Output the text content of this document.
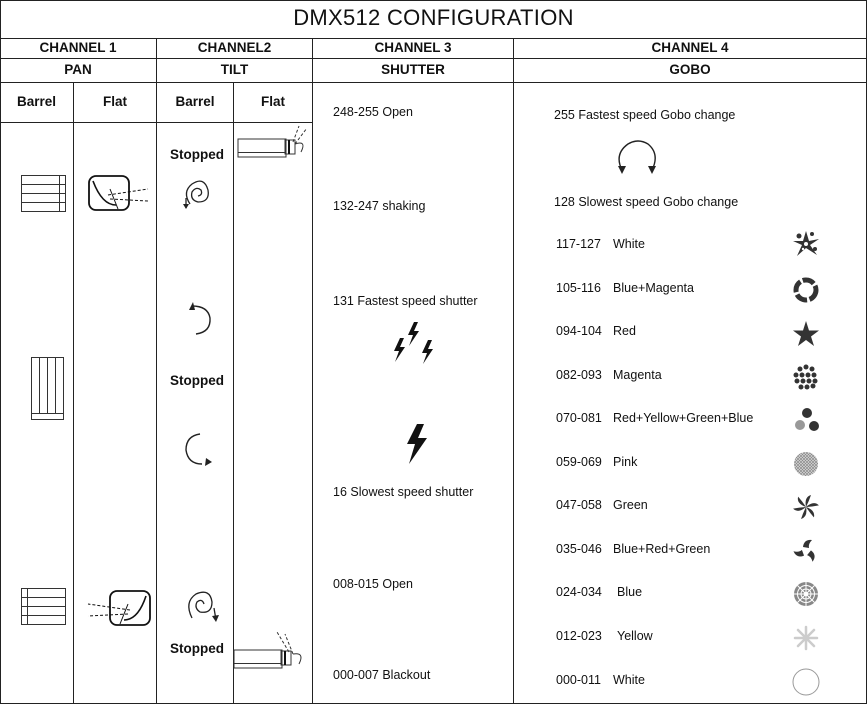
DMX512 CONFIGURATION
CHANNEL 1	CHANNEL2	CHANNEL 3	CHANNEL 4
PAN	TILT	SHUTTER	GOBO
Barrel	Flat	Barrel	Flat
Stopped
Stopped
Stopped
248-255 Open
132-247 shaking
131 Fastest speed shutter
16 Slowest speed shutter
008-015 Open
000-007 Blackout
255 Fastest speed Gobo change
128 Slowest speed Gobo change
117-127 White
105-116 Blue+Magenta
094-104 Red
082-093 Magenta
070-081 Red+Yellow+Green+Blue
059-069 Pink
047-058 Green
035-046 Blue+Red+Green
024-034 Blue
012-023 Yellow
000-011 White
